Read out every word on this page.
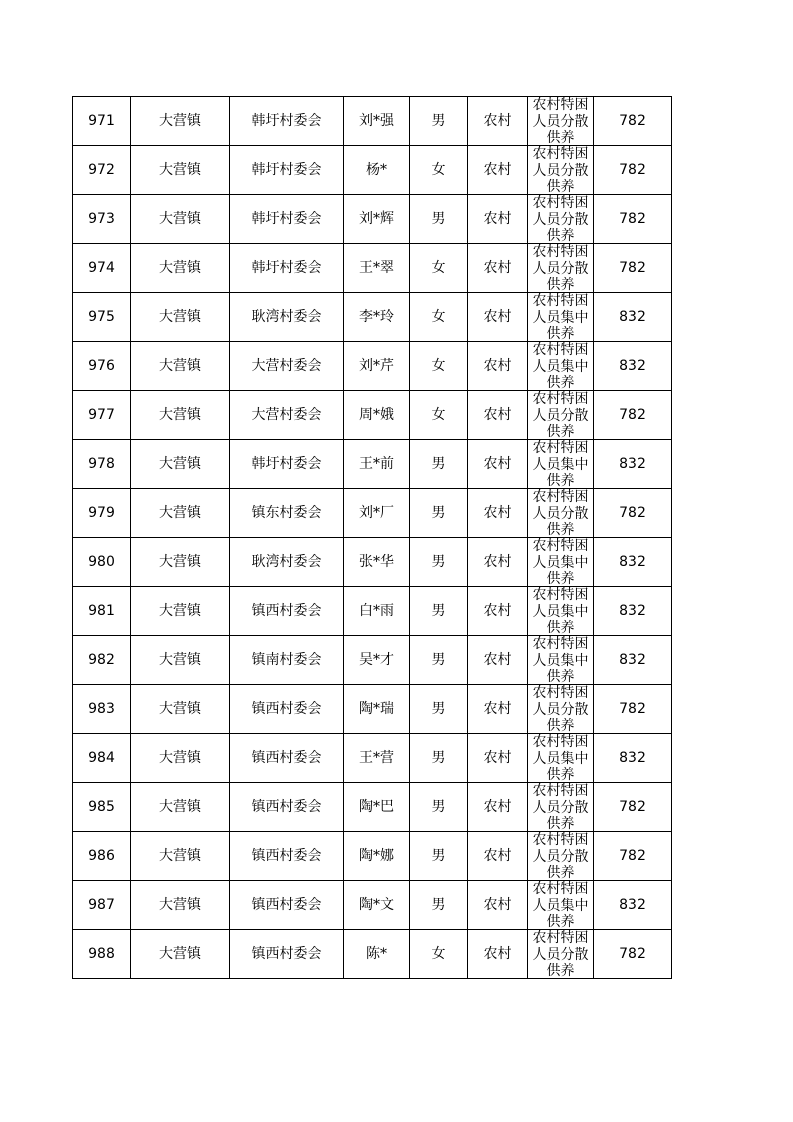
971	大营镇	韩圩村委会	刘*强	男	农村	农村特困
人员分散
供养	782
972	大营镇	韩圩村委会	杨*	女	农村	农村特困
人员分散
供养	782
973	大营镇	韩圩村委会	刘*辉	男	农村	农村特困
人员分散
供养	782
974	大营镇	韩圩村委会	王*翠	女	农村	农村特困
人员分散
供养	782
975	大营镇	耿湾村委会	李*玲	女	农村	农村特困
人员集中
供养	832
976	大营镇	大营村委会	刘*芹	女	农村	农村特困
人员集中
供养	832
977	大营镇	大营村委会	周*娥	女	农村	农村特困
人员分散
供养	782
978	大营镇	韩圩村委会	王*前	男	农村	农村特困
人员集中
供养	832
979	大营镇	镇东村委会	刘*厂	男	农村	农村特困
人员分散
供养	782
980	大营镇	耿湾村委会	张*华	男	农村	农村特困
人员集中
供养	832
981	大营镇	镇西村委会	白*雨	男	农村	农村特困
人员集中
供养	832
982	大营镇	镇南村委会	吴*才	男	农村	农村特困
人员集中
供养	832
983	大营镇	镇西村委会	陶*瑞	男	农村	农村特困
人员分散
供养	782
984	大营镇	镇西村委会	王*营	男	农村	农村特困
人员集中
供养	832
985	大营镇	镇西村委会	陶*巴	男	农村	农村特困
人员分散
供养	782
986	大营镇	镇西村委会	陶*娜	男	农村	农村特困
人员分散
供养	782
987	大营镇	镇西村委会	陶*文	男	农村	农村特困
人员集中
供养	832
988	大营镇	镇西村委会	陈*	女	农村	农村特困
人员分散
供养	782
